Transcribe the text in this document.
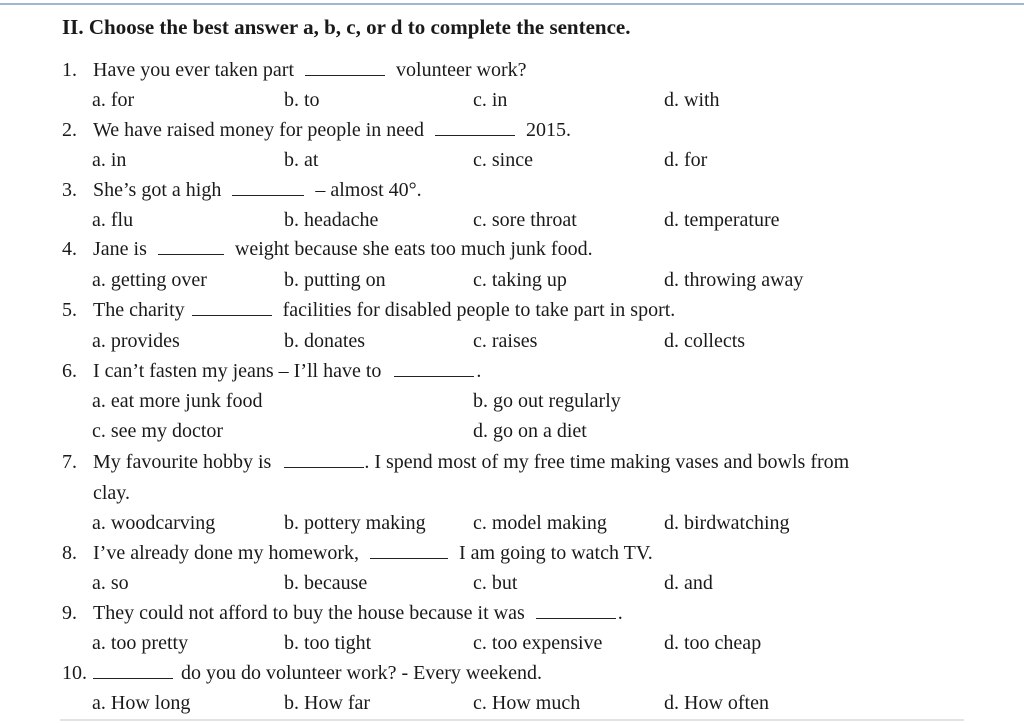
II. Choose the best answer a, b, c, or d to complete the sentence.
1. Have you ever taken part	volunteer work?
a. for	b. to	c. in	d. with
2. We have raised money for people in need	2015.
a. in	b. at	c. since	d. for
3. She’s got a high	– almost 40°.
a. flu	b. headache	c. sore throat	d. temperature
4. Jane is	weight because she eats too much junk food.
a. getting over	b. putting on	c. taking up	d. throwing away
5. The charity	facilities for disabled people to take part in sport.
a. provides	b. donates	c. raises	d. collects
6. I can’t fasten my jeans – I’ll have to	.
a. eat more junk food	b. go out regularly
c. see my doctor	d. go on a diet
7. My favourite hobby is	. I spend most of my free time making vases and bowls from
clay.
a. woodcarving	b. pottery making c. model making	d. birdwatching
8. I’ve already done my homework,	I am going to watch TV.
a. so	b. because	c. but	d. and
9. They could not afford to buy the house because it was	.
a. too pretty	b. too tight	c. too expensive	d. too cheap
10.	do you do volunteer work? - Every weekend.
a. How long	b. How far	c. How much	d. How often
